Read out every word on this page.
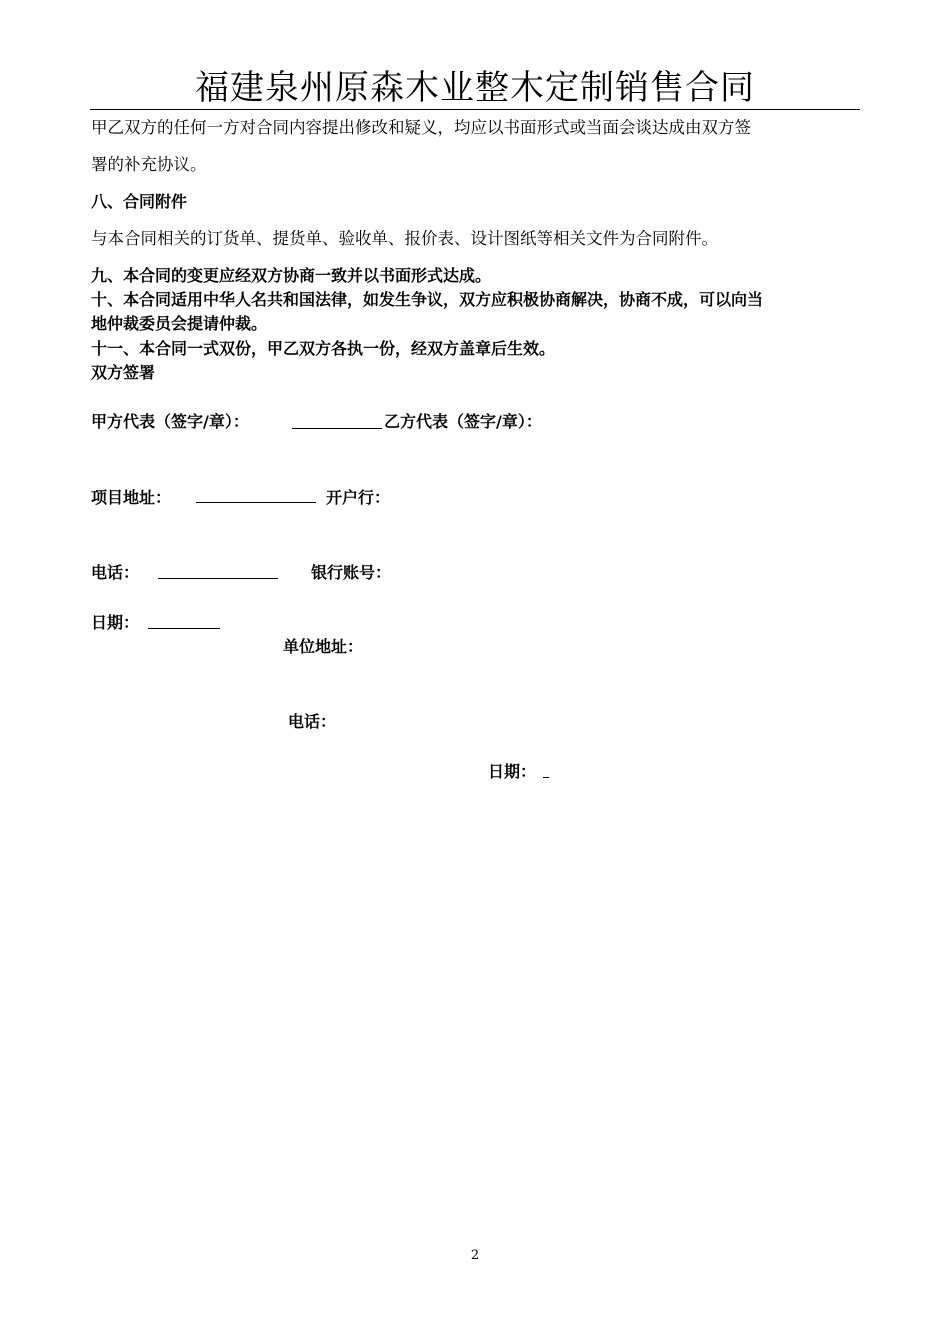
福建泉州原森木业整木定制销售合同
甲乙双方的任何一方对合同内容提出修改和疑义，均应以书面形式或当面会谈达成由双方签
署的补充协议。
八、合同附件
与本合同相关的订货单、提货单、验收单、报价表、设计图纸等相关文件为合同附件。
九、本合同的变更应经双方协商一致并以书面形式达成。
十、本合同适用中华人名共和国法律，如发生争议，双方应积极协商解决，协商不成，可以向当
地仲裁委员会提请仲裁。
十一、本合同一式双份，甲乙双方各执一份，经双方盖章后生效。
双方签署
甲方代表（签字/章）：	乙方代表（签字/章）：
项目地址：	开户行：
电话：	银行账号：
日期：
单位地址：
电话：
日期：
2
